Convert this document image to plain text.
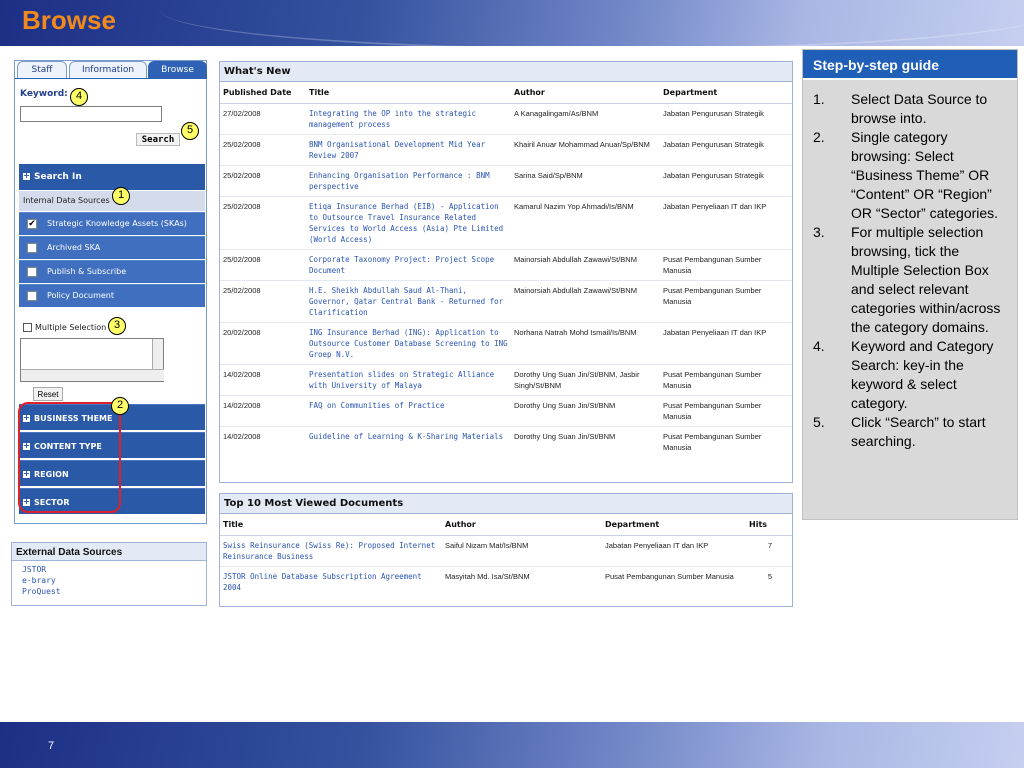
Browse
Staff	Information	Browse
Keyword:
Search
+ Search In
Internal Data Sources
✔ Strategic Knowledge Assets (SKAs)
Archived SKA
Publish & Subscribe
Policy Document
Multiple Selection
Reset
+ BUSINESS THEME
+ CONTENT TYPE
+ REGION
+ SECTOR
1
2
3
4
5
External Data Sources
JSTOR
e-brary
ProQuest
What's New
Published Date	Title	Author	Department
27/02/2008	Integrating the OP into the strategic management process	A Kanagalingam/As/BNM	Jabatan Pengurusan Strategik
25/02/2008	BNM Organisational Development Mid Year Review 2007	Khairil Anuar Mohammad Anuar/Sp/BNM	Jabatan Pengurusan Strategik
25/02/2008	Enhancing Organisation Performance : BNM perspective	Sarina Said/Sp/BNM	Jabatan Pengurusan Strategik
25/02/2008	Etiqa Insurance Berhad (EIB) - Application to Outsource Travel Insurance Related Services to World Access (Asia) Pte Limited (World Access)	Kamarul Nazim Yop Ahmadi/Is/BNM	Jabatan Penyeliaan IT dan IKP
25/02/2008	Corporate Taxonomy Project: Project Scope Document	Mainorsiah Abdullah Zawawi/St/BNM	Pusat Pembangunan Sumber Manusia
25/02/2008	H.E. Sheikh Abdullah Saud Al-Thani, Governor, Qatar Central Bank - Returned for Clarification	Mainorsiah Abdullah Zawawi/St/BNM	Pusat Pembangunan Sumber Manusia
20/02/2008	ING Insurance Berhad (ING): Application to Outsource Customer Database Screening to ING Groep N.V.	Norhana Natrah Mohd Ismail/Is/BNM	Jabatan Penyeliaan IT dan IKP
14/02/2008	Presentation slides on Strategic Alliance with University of Malaya	Dorothy Ung Suan Jin/St/BNM, Jasbir Singh/St/BNM	Pusat Pembangunan Sumber Manusia
14/02/2008	FAQ on Communities of Practice	Dorothy Ung Suan Jin/St/BNM	Pusat Pembangunan Sumber Manusia
14/02/2008	Guideline of Learning & K-Sharing Materials	Dorothy Ung Suan Jin/St/BNM	Pusat Pembangunan Sumber Manusia
Top 10 Most Viewed Documents
Title	Author	Department	Hits
Swiss Reinsurance (Swiss Re): Proposed Internet Reinsurance Business	Saiful Nizam Mat/Is/BNM	Jabatan Penyeliaan IT dan IKP	7
JSTOR Online Database Subscription Agreement 2004	Masyitah Md. Isa/St/BNM	Pusat Pembangunan Sumber Manusia	5
Step-by-step guide
1. Select Data Source to browse into.
2. Single category browsing: Select “Business Theme” OR “Content” OR “Region” OR “Sector” categories.
3. For multiple selection browsing, tick the Multiple Selection Box and select relevant categories within/across the category domains.
4. Keyword and Category Search: key-in the keyword & select category.
5. Click “Search” to start searching.
7
